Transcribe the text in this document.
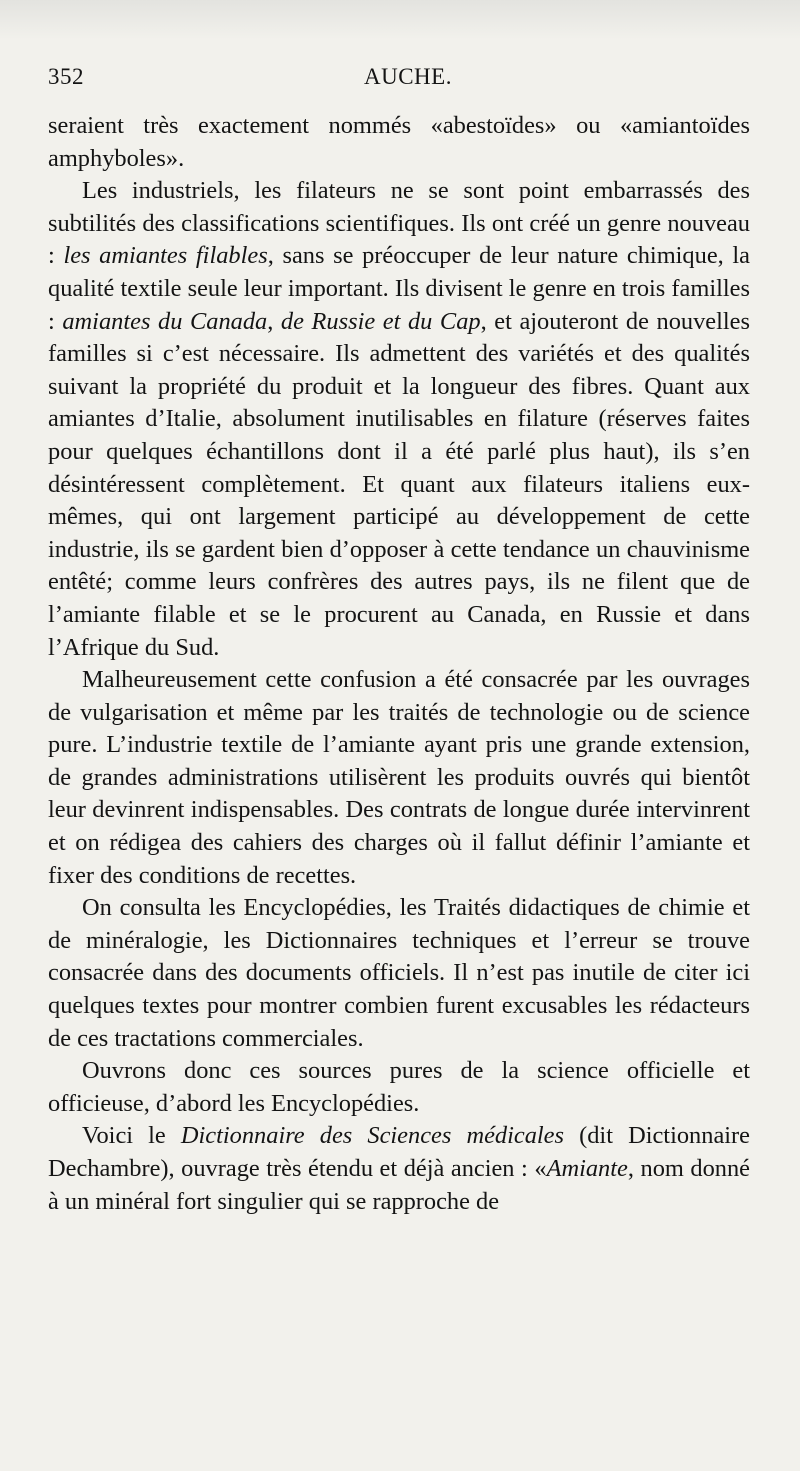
352	AUCHE.

seraient très exactement nommés «abestoïdes» ou «amiantoïdes amphyboles».

Les industriels, les filateurs ne se sont point embarrassés des subtilités des classifications scientifiques. Ils ont créé un genre nouveau : les amiantes filables, sans se préoccuper de leur nature chimique, la qualité textile seule leur important. Ils divisent le genre en trois familles : amiantes du Canada, de Russie et du Cap, et ajouteront de nouvelles familles si c’est nécessaire. Ils admettent des variétés et des qualités suivant la propriété du produit et la longueur des fibres. Quant aux amiantes d’Italie, absolument inutilisables en filature (réserves faites pour quelques échantillons dont il a été parlé plus haut), ils s’en désintéressent complètement. Et quant aux filateurs italiens eux-mêmes, qui ont largement participé au développement de cette industrie, ils se gardent bien d’opposer à cette tendance un chauvinisme entêté; comme leurs confrères des autres pays, ils ne filent que de l’amiante filable et se le procurent au Canada, en Russie et dans l’Afrique du Sud.

Malheureusement cette confusion a été consacrée par les ouvrages de vulgarisation et même par les traités de technologie ou de science pure. L’industrie textile de l’amiante ayant pris une grande extension, de grandes administrations utilisèrent les produits ouvrés qui bientôt leur devinrent indispensables. Des contrats de longue durée intervinrent et on rédigea des cahiers des charges où il fallut définir l’amiante et fixer des conditions de recettes.

On consulta les Encyclopédies, les Traités didactiques de chimie et de minéralogie, les Dictionnaires techniques et l’erreur se trouve consacrée dans des documents officiels. Il n’est pas inutile de citer ici quelques textes pour montrer combien furent excusables les rédacteurs de ces tractations commerciales.

Ouvrons donc ces sources pures de la science officielle et officieuse, d’abord les Encyclopédies.

Voici le Dictionnaire des Sciences médicales (dit Dictionnaire Dechambre), ouvrage très étendu et déjà ancien : «Amiante, nom donné à un minéral fort singulier qui se rapproche de
